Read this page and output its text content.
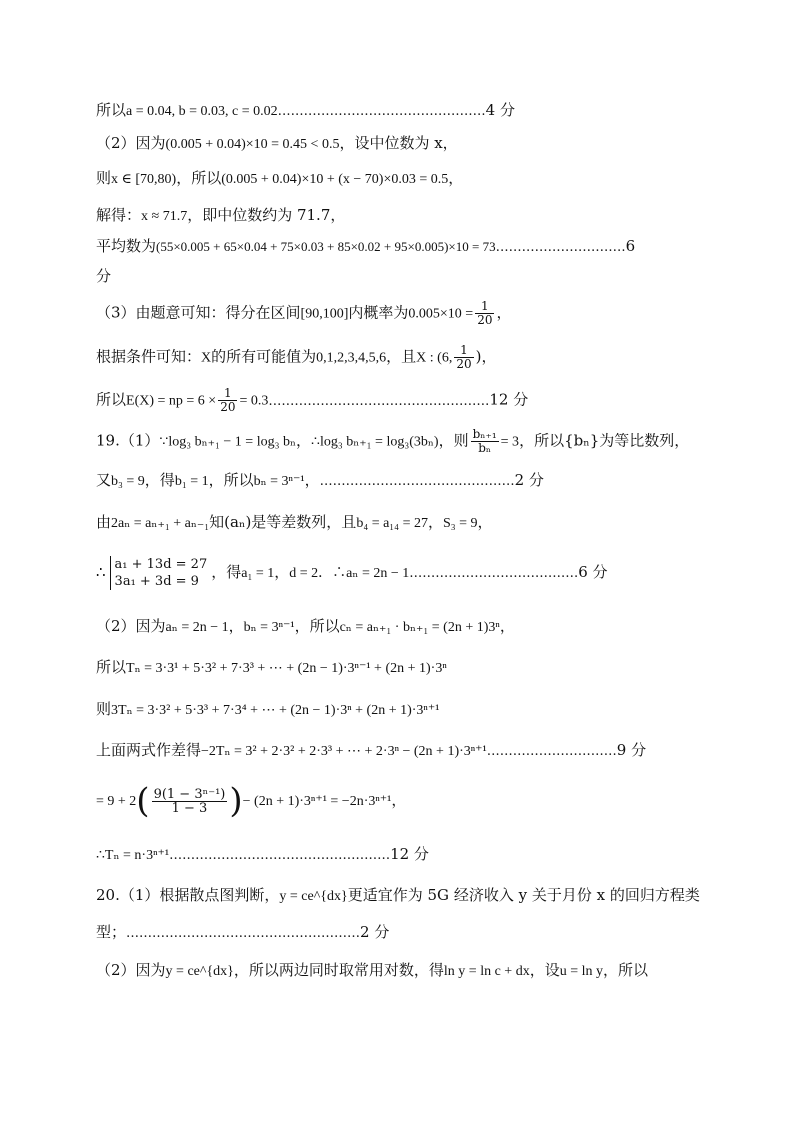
所以a = 0.04, b = 0.03, c = 0.02…………………………………………4 分
（2）因为(0.005 + 0.04)×10 = 0.45 < 0.5，设中位数为 x，
则x ∈ [70,80)，所以(0.005 + 0.04)×10 + (x − 70)×0.03 = 0.5，
解得：x ≈ 71.7，即中位数约为 71.7，
平均数为(55×0.005 + 65×0.04 + 75×0.03 + 85×0.02 + 95×0.005)×10 = 73…………………………6
分
（3）由题意可知：得分在区间[90,100]内概率为$0.005\times 10 = \frac{1}{20}$ ，
根据条件可知：X的所有可能值为0,1,2,3,4,5,6，且X : (6, $\frac{1}{20}$ )，
所以E(X) = np = $6 \times \frac{1}{20}$ = 0.3……………………………………………12 分
19.（1）∵log₃ bₙ₊₁ − 1 = log₃ bₙ，∴log₃ bₙ₊₁ = log₃(3bₙ)，则 $\frac{\text{bₙ₊₁}}{\text{bₙ}} = 3$，所以{bₙ}为等比数列，
又b₃ = 9，得b₁ = 1，所以bₙ = 3ⁿ⁻¹，………………………………………2 分
由2aₙ = aₙ₊₁ + aₙ₋₁知(aₙ)是等差数列，且b₄ = a₁₄ = 27，S₃ = 9，
∴ a₁ + 13d = 27
3a₁ + 3d = 9
，得a₁ = 1，d = 2．∴aₙ = 2n − 1…………………………………6 分
（2）因为aₙ = 2n − 1，bₙ = 3ⁿ⁻¹，所以cₙ = aₙ₊₁ · bₙ₊₁ = (2n + 1)3ⁿ，
所以Tₙ = 3·3¹ + 5·3² + 7·3³ + ⋯ + (2n − 1)·3ⁿ⁻¹ + (2n + 1)·3ⁿ
则3Tₙ = 3·3² + 5·3³ + 7·3⁴ + ⋯ + (2n − 1)·3ⁿ + (2n + 1)·3ⁿ⁺¹
上面两式作差得−2Tₙ = 3² + 2·3² + 2·3³ + ⋯ + 2·3ⁿ − (2n + 1)·3ⁿ⁺¹…………………………9 分
= $9 + 2( \frac{\text{9(1 − 3ⁿ⁻¹)}}{1 - 3}$ )− (2n + 1)·3ⁿ⁺¹ = −2n·3ⁿ⁺¹，
∴Tₙ = n·3ⁿ⁺¹……………………………………………12 分
20.（1）根据散点图判断，y = ce^{dx}更适宜作为 5G 经济收入 y 关于月份 x 的回归方程类
型；………………………………………………2 分
（2）因为y = ce^{dx}，所以两边同时取常用对数，得ln y = ln c + dx，设u = ln y，所以
